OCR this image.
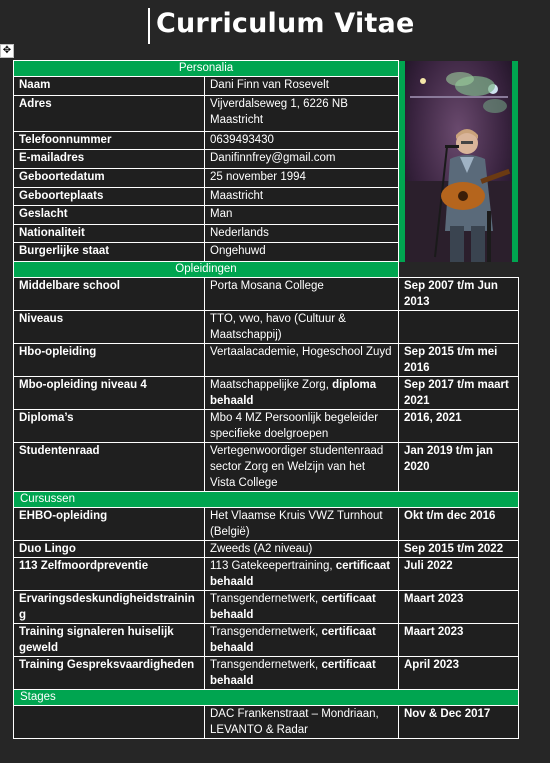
Curriculum Vitae
✥
Personalia	

Naam	Dani Finn van Rosevelt	
Adres	Vijverdalseweg 1, 6226 NB Maastricht	
Telefoonnummer	0639493430	
E-mailadres	Danifinnfrey@gmail.com	
Geboortedatum	25 november 1994	
Geboorteplaats	Maastricht	
Geslacht	Man	
Nationaliteit	Nederlands	
Burgerlijke staat	Ongehuwd	
Opleidingen		
Middelbare school	Porta Mosana College	Sep 2007 t/m Jun 2013
Niveaus	TTO, vwo, havo (Cultuur & Maatschappij)	
Hbo-opleiding	Vertaalacademie, Hogeschool Zuyd	Sep 2015 t/m mei 2016
Mbo-opleiding niveau 4	Maatschappelijke Zorg, diploma behaald	Sep 2017 t/m maart 2021
Diploma’s	Mbo 4 MZ Persoonlijk begeleider specifieke doelgroepen	2016, 2021
Studentenraad	Vertegenwoordiger studentenraad sector Zorg en Welzijn van het Vista College	Jan 2019 t/m jan 2020
Cursussen		
EHBO-opleiding	Het Vlaamse Kruis VWZ Turnhout (België)	Okt t/m dec 2016
Duo Lingo	Zweeds (A2 niveau)	Sep 2015 t/m 2022
113 Zelfmoordpreventie	113 Gatekeepertraining, certificaat behaald	Juli 2022
Ervaringsdeskundigheidstraining	Transgendernetwerk, certificaat behaald	Maart 2023
Training signaleren huiselijk geweld	Transgendernetwerk, certificaat behaald	Maart 2023
Training Gespreksvaardigheden	Transgendernetwerk, certificaat behaald	April 2023
Stages		
	DAC Frankenstraat – Mondriaan, LEVANTO & Radar	Nov & Dec 2017
